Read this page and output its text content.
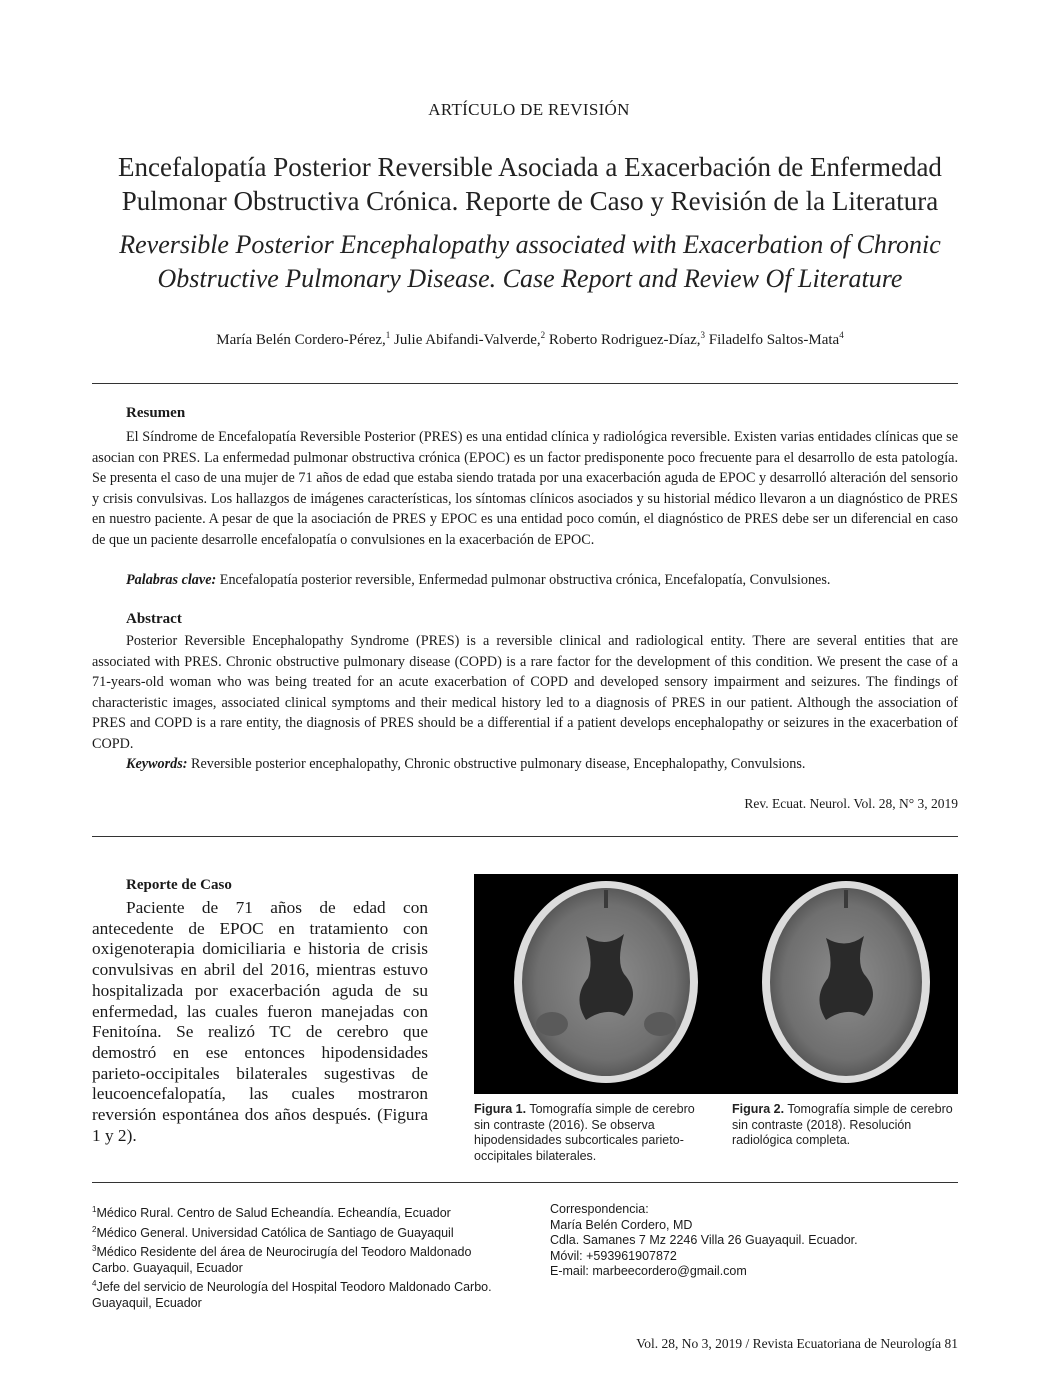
ARTÍCULO DE REVISIÓN
Encefalopatía Posterior Reversible Asociada a Exacerbación de Enfermedad
Pulmonar Obstructiva Crónica. Reporte de Caso y Revisión de la Literatura
Reversible Posterior Encephalopathy associated with Exacerbation of Chronic
Obstructive Pulmonary Disease. Case Report and Review Of Literature
María Belén Cordero-Pérez,$^1$ Julie Abifandi-Valverde,$^2$ Roberto Rodriguez-Díaz,$^3$ Filadelfo Saltos-Mata$^4$
Resumen

El Síndrome de Encefalopatía Reversible Posterior (PRES) es una entidad clínica y radiológica reversible. Existen varias entidades clínicas que se asocian con PRES. La enfermedad pulmonar obstructiva crónica (EPOC) es un factor predisponente poco frecuente para el desarrollo de esta patología. Se presenta el caso de una mujer de 71 años de edad que estaba siendo tratada por una exacerbación aguda de EPOC y desarrolló alteración del sensorio y crisis convulsivas. Los hallazgos de imágenes características, los síntomas clínicos asociados y su historial médico llevaron a un diagnóstico de PRES en nuestro paciente. A pesar de que la asociación de PRES y EPOC es una entidad poco común, el diagnóstico de PRES debe ser un diferencial en caso de que un paciente desarrolle encefalopatía o convulsiones en la exacerbación de EPOC.

Palabras clave: Encefalopatía posterior reversible, Enfermedad pulmonar obstructiva crónica, Encefalopatía, Convulsiones.

Abstract

Posterior Reversible Encephalopathy Syndrome (PRES) is a reversible clinical and radiological entity. There are several entities that are associated with PRES. Chronic obstructive pulmonary disease (COPD) is a rare factor for the development of this condition. We present the case of a 71-years-old woman who was being treated for an acute exacerbation of COPD and developed sensory impairment and seizures. The findings of characteristic images, associated clinical symptoms and their medical history led to a diagnosis of PRES in our patient. Although the association of PRES and COPD is a rare entity, the diagnosis of PRES should be a differential if a patient develops encephalopathy or seizures in the exacerbation of COPD.

Keywords: Reversible posterior encephalopathy, Chronic obstructive pulmonary disease, Encephalopathy, Convulsions.

Rev. Ecuat. Neurol. Vol. 28, N° 3, 2019
Reporte de Caso

Paciente de 71 años de edad con antecedente de EPOC en tratamiento con oxigenoterapia domiciliaria e historia de crisis convulsivas en abril del 2016, mientras estuvo hospitalizada por exacerbación aguda de su enfermedad, las cuales fueron manejadas con Fenitoína. Se realizó TC de cerebro que demostró en ese entonces hipodensidades parieto-occipitales bilaterales sugestivas de leucoencefalopatía, las cuales mostraron reversión espontánea dos años después. (Figura 1 y 2).

Figura 1. Tomografía simple de cerebro sin contraste (2016). Se observa hipodensidades subcorticales parieto-occipitales bilaterales.

Figura 2. Tomografía simple de cerebro sin contraste (2018). Resolución radiológica completa.

$^1$Médico Rural. Centro de Salud Echeandía. Echeandía, Ecuador
$^2$Médico General. Universidad Católica de Santiago de Guayaquil
$^3$Médico Residente del área de Neurocirugía del Teodoro Maldonado Carbo. Guayaquil, Ecuador
$^4$Jefe del servicio de Neurología del Hospital Teodoro Maldonado Carbo. Guayaquil, Ecuador
Correspondencia:
María Belén Cordero, MD
Cdla. Samanes 7 Mz 2246 Villa 26 Guayaquil. Ecuador.
Móvil: +593961907872
E-mail: marbeecordero@gmail.com
Vol. 28, No 3, 2019 / Revista Ecuatoriana de Neurología 81
